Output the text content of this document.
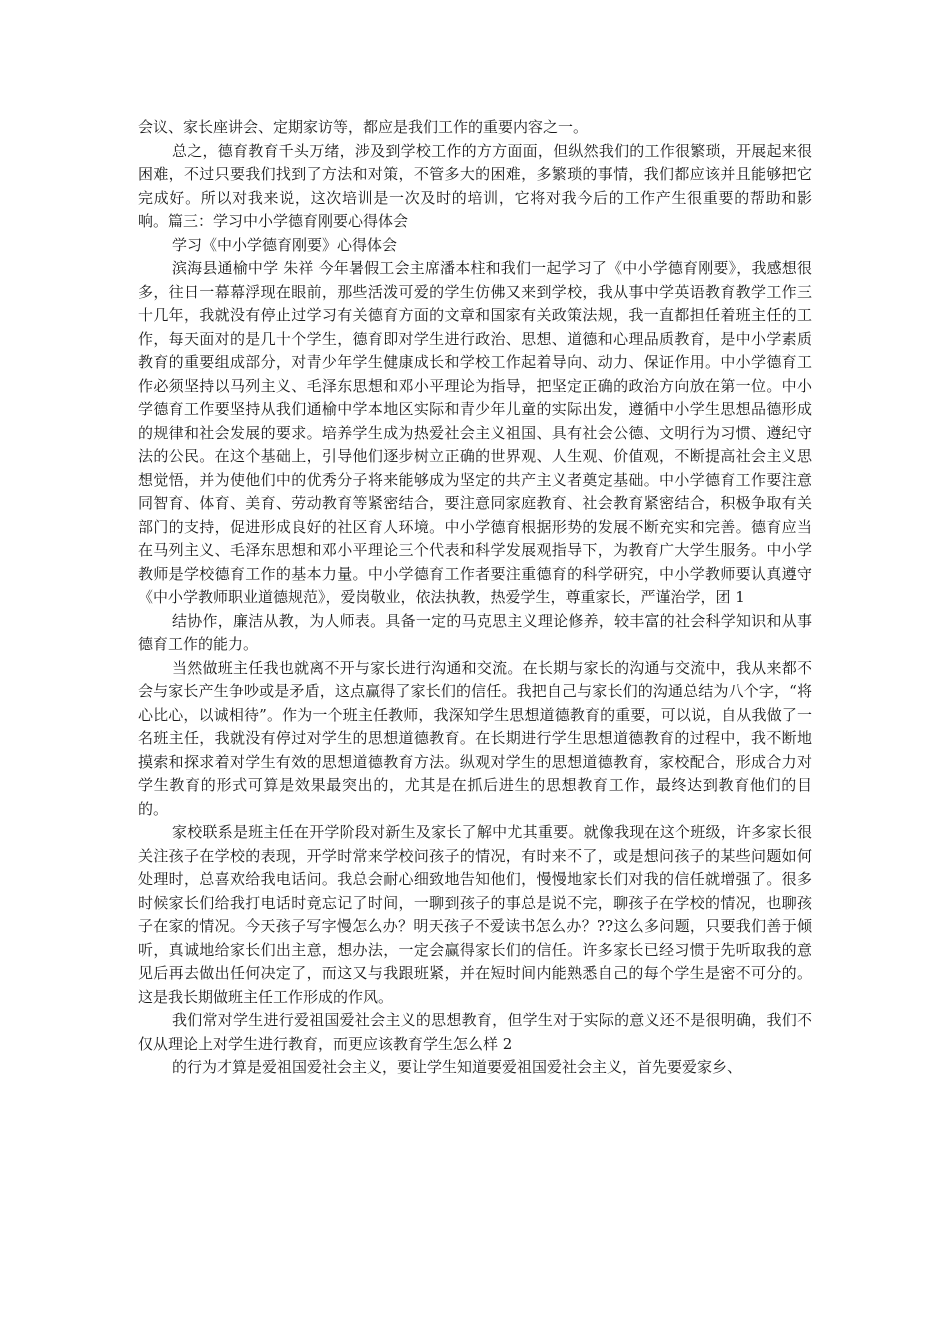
会议、家长座讲会、定期家访等，都应是我们工作的重要内容之一。

总之，德育教育千头万绪，涉及到学校工作的方方面面，但纵然我们的工作很繁琐，开展起来很困难，不过只要我们找到了方法和对策，不管多大的困难，多繁琐的事情，我们都应该并且能够把它完成好。所以对我来说，这次培训是一次及时的培训，它将对我今后的工作产生很重要的帮助和影响。篇三：学习中小学德育刚要心得体会

学习《中小学德育刚要》心得体会

滨海县通榆中学 朱祥 今年暑假工会主席潘本柱和我们一起学习了《中小学德育刚要》，我感想很多，往日一幕幕浮现在眼前，那些活泼可爱的学生仿佛又来到学校，我从事中学英语教育教学工作三十几年，我就没有停止过学习有关德育方面的文章和国家有关政策法规，我一直都担任着班主任的工作，每天面对的是几十个学生，德育即对学生进行政治、思想、道德和心理品质教育，是中小学素质教育的重要组成部分，对青少年学生健康成长和学校工作起着导向、动力、保证作用。中小学德育工作必须坚持以马列主义、毛泽东思想和邓小平理论为指导，把坚定正确的政治方向放在第一位。中小学德育工作要坚持从我们通榆中学本地区实际和青少年儿童的实际出发，遵循中小学生思想品德形成的规律和社会发展的要求。培养学生成为热爱社会主义祖国、具有社会公德、文明行为习惯、遵纪守法的公民。在这个基础上，引导他们逐步树立正确的世界观、人生观、价值观，不断提高社会主义思想觉悟，并为使他们中的优秀分子将来能够成为坚定的共产主义者奠定基础。中小学德育工作要注意同智育、体育、美育、劳动教育等紧密结合，要注意同家庭教育、社会教育紧密结合，积极争取有关部门的支持，促进形成良好的社区育人环境。中小学德育根据形势的发展不断充实和完善。德育应当在马列主义、毛泽东思想和邓小平理论三个代表和科学发展观指导下，为教育广大学生服务。中小学教师是学校德育工作的基本力量。中小学德育工作者要注重德育的科学研究，中小学教师要认真遵守《中小学教师职业道德规范》，爱岗敬业，依法执教，热爱学生，尊重家长，严谨治学，团 1

结协作，廉洁从教，为人师表。具备一定的马克思主义理论修养，较丰富的社会科学知识和从事德育工作的能力。

当然做班主任我也就离不开与家长进行沟通和交流。在长期与家长的沟通与交流中，我从来都不会与家长产生争吵或是矛盾，这点赢得了家长们的信任。我把自己与家长们的沟通总结为八个字，“将心比心，以诚相待”。作为一个班主任教师，我深知学生思想道德教育的重要，可以说，自从我做了一名班主任，我就没有停过对学生的思想道德教育。在长期进行学生思想道德教育的过程中，我不断地摸索和探求着对学生有效的思想道德教育方法。纵观对学生的思想道德教育，家校配合，形成合力对学生教育的形式可算是效果最突出的，尤其是在抓后进生的思想教育工作，最终达到教育他们的目的。

家校联系是班主任在开学阶段对新生及家长了解中尤其重要。就像我现在这个班级，许多家长很关注孩子在学校的表现，开学时常来学校问孩子的情况，有时来不了，或是想问孩子的某些问题如何处理时，总喜欢给我电话问。我总会耐心细致地告知他们，慢慢地家长们对我的信任就增强了。很多时候家长们给我打电话时竟忘记了时间，一聊到孩子的事总是说不完，聊孩子在学校的情况，也聊孩子在家的情况。今天孩子写字慢怎么办？明天孩子不爱读书怎么办？??这么多问题，只要我们善于倾听，真诚地给家长们出主意，想办法，一定会赢得家长们的信任。许多家长已经习惯于先听取我的意见后再去做出任何决定了，而这又与我跟班紧，并在短时间内能熟悉自己的每个学生是密不可分的。这是我长期做班主任工作形成的作风。

我们常对学生进行爱祖国爱社会主义的思想教育，但学生对于实际的意义还不是很明确，我们不仅从理论上对学生进行教育，而更应该教育学生怎么样 2

的行为才算是爱祖国爱社会主义，要让学生知道要爱祖国爱社会主义，首先要爱家乡、
